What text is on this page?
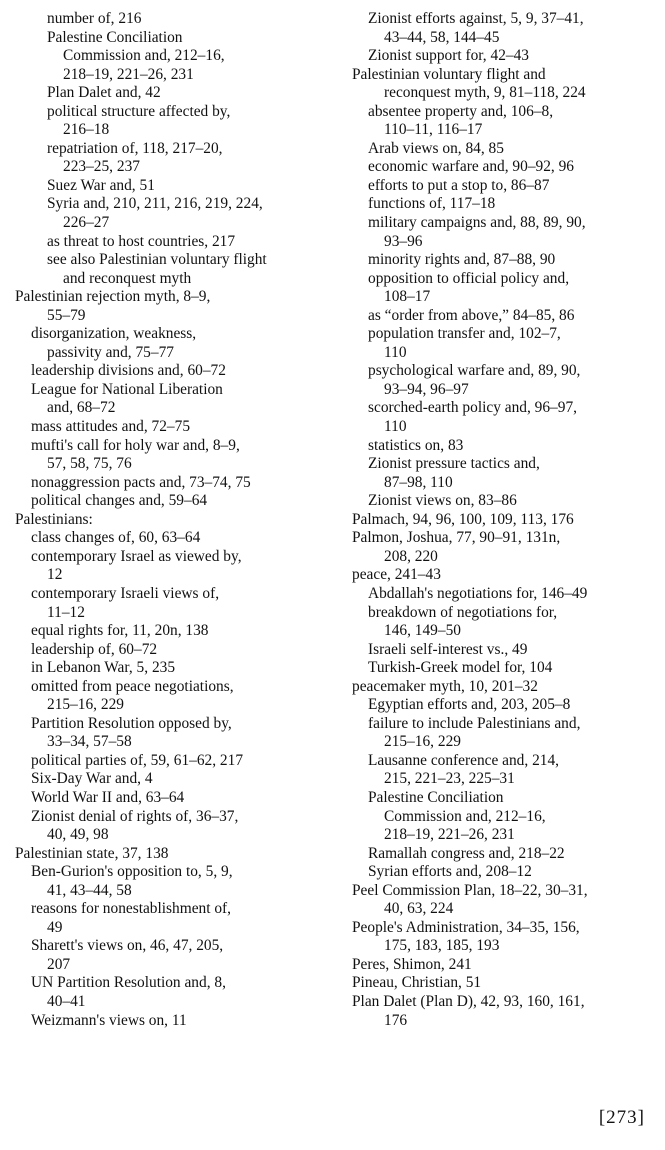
number of, 216
Palestine Conciliation
Commission and, 212–16,
218–19, 221–26, 231
Plan Dalet and, 42
political structure affected by,
216–18
repatriation of, 118, 217–20,
223–25, 237
Suez War and, 51
Syria and, 210, 211, 216, 219, 224,
226–27
as threat to host countries, 217
see also Palestinian voluntary flight
and reconquest myth
Palestinian rejection myth, 8–9,
55–79
disorganization, weakness,
passivity and, 75–77
leadership divisions and, 60–72
League for National Liberation
and, 68–72
mass attitudes and, 72–75
mufti's call for holy war and, 8–9,
57, 58, 75, 76
nonaggression pacts and, 73–74, 75
political changes and, 59–64
Palestinians:
class changes of, 60, 63–64
contemporary Israel as viewed by,
12
contemporary Israeli views of,
11–12
equal rights for, 11, 20n, 138
leadership of, 60–72
in Lebanon War, 5, 235
omitted from peace negotiations,
215–16, 229
Partition Resolution opposed by,
33–34, 57–58
political parties of, 59, 61–62, 217
Six-Day War and, 4
World War II and, 63–64
Zionist denial of rights of, 36–37,
40, 49, 98
Palestinian state, 37, 138
Ben-Gurion's opposition to, 5, 9,
41, 43–44, 58
reasons for nonestablishment of,
49
Sharett's views on, 46, 47, 205,
207
UN Partition Resolution and, 8,
40–41
Weizmann's views on, 11
Zionist efforts against, 5, 9, 37–41,
43–44, 58, 144–45
Zionist support for, 42–43
Palestinian voluntary flight and
reconquest myth, 9, 81–118, 224
absentee property and, 106–8,
110–11, 116–17
Arab views on, 84, 85
economic warfare and, 90–92, 96
efforts to put a stop to, 86–87
functions of, 117–18
military campaigns and, 88, 89, 90,
93–96
minority rights and, 87–88, 90
opposition to official policy and,
108–17
as “order from above,” 84–85, 86
population transfer and, 102–7,
110
psychological warfare and, 89, 90,
93–94, 96–97
scorched-earth policy and, 96–97,
110
statistics on, 83
Zionist pressure tactics and,
87–98, 110
Zionist views on, 83–86
Palmach, 94, 96, 100, 109, 113, 176
Palmon, Joshua, 77, 90–91, 131n,
208, 220
peace, 241–43
Abdallah's negotiations for, 146–49
breakdown of negotiations for,
146, 149–50
Israeli self-interest vs., 49
Turkish-Greek model for, 104
peacemaker myth, 10, 201–32
Egyptian efforts and, 203, 205–8
failure to include Palestinians and,
215–16, 229
Lausanne conference and, 214,
215, 221–23, 225–31
Palestine Conciliation
Commission and, 212–16,
218–19, 221–26, 231
Ramallah congress and, 218–22
Syrian efforts and, 208–12
Peel Commission Plan, 18–22, 30–31,
40, 63, 224
People's Administration, 34–35, 156,
175, 183, 185, 193
Peres, Shimon, 241
Pineau, Christian, 51
Plan Dalet (Plan D), 42, 93, 160, 161,
176
[273]
